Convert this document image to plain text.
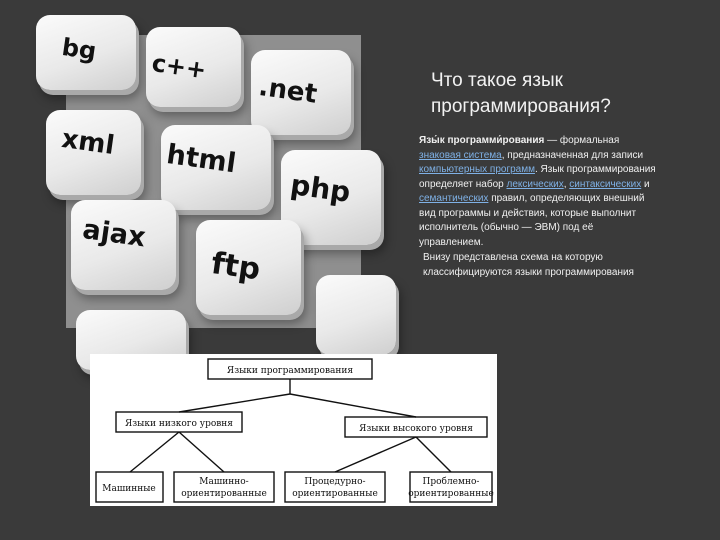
bg c++
.net
xml html
php
ajax
ftp
Что такое язык программирования?
Язы́к программи́рования — формальная знаковая система, предназначенная для записи компьютерных программ. Язык программирования определяет набор лексических, синтаксических и семантических правил, определяющих внешний вид программы и действия, которые выполнит исполнитель (обычно — ЭВМ) под её управлением.
Внизу представлена схема на которую классифицируются языки программирования
Языки программирования
Языки низкого уровня	Языки высокого уровня
Машинные
Машинно-
ориентированные
Процедурно-
ориентированные
Проблемно-
ориентированные
